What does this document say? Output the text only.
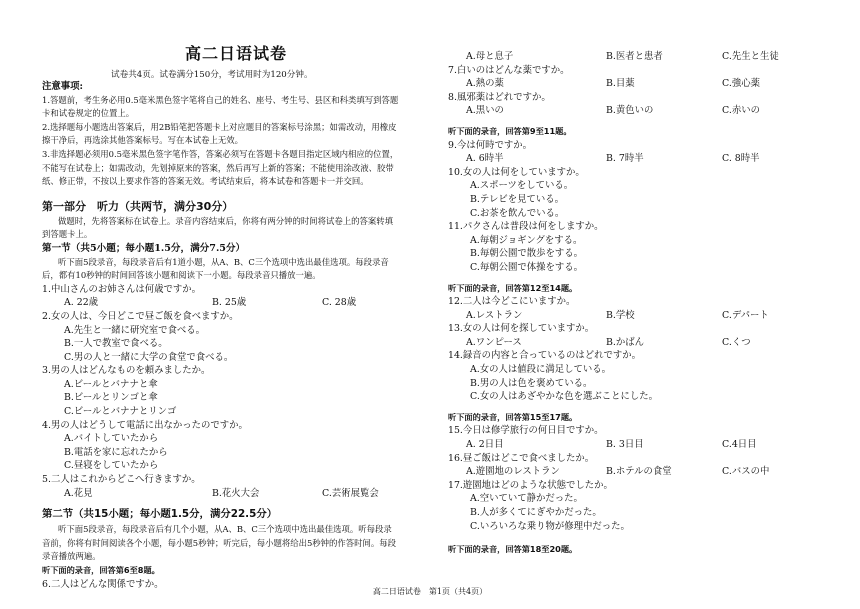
高二日语试卷
试卷共4页。试卷满分150分，考试用时为120分钟。
注意事项:
1.答题前，考生务必用0.5毫米黑色签字笔将自己的姓名、座号、考生号、县区和科类填写到答题
卡和试卷规定的位置上。
2.选择题每小题选出答案后，用2B铅笔把答题卡上对应题目的答案标号涂黑；如需改动，用橡皮
擦干净后，再选涂其他答案标号。写在本试卷上无效。
3.非选择题必须用0.5毫米黑色签字笔作答，答案必须写在答题卡各题目指定区域内相应的位置，
不能写在试卷上；如需改动，先划掉原来的答案，然后再写上新的答案；不能使用涂改液、胶带
纸、修正带，不按以上要求作答的答案无效。考试结束后，将本试卷和答题卡一并交回。
第一部分　听力（共两节，满分30分）
做题时，先将答案标在试卷上。录音内容结束后，你将有两分钟的时间将试卷上的答案转填
到答题卡上。
第一节（共5小题；每小题1.5分，满分7.5分）
听下面5段录音，每段录音后有1道小题，从A、B、C三个选项中选出最佳选项。每段录音
后，都有10秒钟的时间回答该小题和阅读下一小题。每段录音只播放一遍。
1.中山さんのお姉さんは何歳ですか。
A. 22歳	B. 25歳	C. 28歳
2.女の人は、今日どこで昼ご飯を食べますか。
A.先生と一緒に研究室で食べる。
B.一人で教室で食べる。
C.男の人と一緒に大学の食堂で食べる。
3.男の人はどんなものを頼みましたか。
A.ビールとバナナと傘
B.ビールとリンゴと傘
C.ビールとバナナとリンゴ
4.男の人はどうして電話に出なかったのですか。
A.バイトしていたから
B.電話を家に忘れたから
C.昼寝をしていたから
5.二人はこれからどこへ行きますか。
A.花見	B.花火大会	C.芸術展覧会
第二节（共15小题；每小题1.5分，满分22.5分）
听下面5段录音，每段录音后有几个小题，从A、B、C三个选项中选出最佳选项。听每段录
音前，你将有时间阅读各个小题，每小题5秒钟；听完后，每小题将给出5秒钟的作答时间。每段
录音播放两遍。
听下面的录音，回答第6至8题。
6.二人はどんな関係ですか。
A.母と息子	B.医者と患者	C.先生と生徒
7.白いのはどんな薬ですか。
A.熱の薬	B.目薬	C.強心薬
8.風邪薬はどれですか。
A.黒いの	B.黄色いの	C.赤いの
听下面的录音，回答第9至11题。
9.今は何時ですか。
A. 6時半	B. 7時半	C. 8時半
10.女の人は何をしていますか。
A.スポーツをしている。
B.テレビを見ている。
C.お茶を飲んでいる。
11.パクさんは普段は何をしますか。
A.毎朝ジョギングをする。
B.毎朝公園で散歩をする。
C.毎朝公園で体操をする。
听下面的录音，回答第12至14题。
12.二人は今どこにいますか。
A.レストラン	B.学校	C.デパート
13.女の人は何を探していますか。
A.ワンピース	B.かばん	C.くつ
14.録音の内容と合っているのはどれですか。
A.女の人は値段に満足している。
B.男の人は色を褒めている。
C.女の人はあざやかな色を選ぶことにした。
听下面的录音，回答第15至17题。
15.今日は修学旅行の何日目ですか。
A. 2日目	B. 3日目	C.4日目
16.昼ご飯はどこで食べましたか。
A.遊園地のレストラン	B.ホテルの食堂	C.バスの中
17.遊園地はどのような状態でしたか。
A.空いていて静かだった。
B.人が多くてにぎやかだった。
C.いろいろな乗り物が修理中だった。
听下面的录音，回答第18至20题。
高二日语试卷　第1页（共4页）
